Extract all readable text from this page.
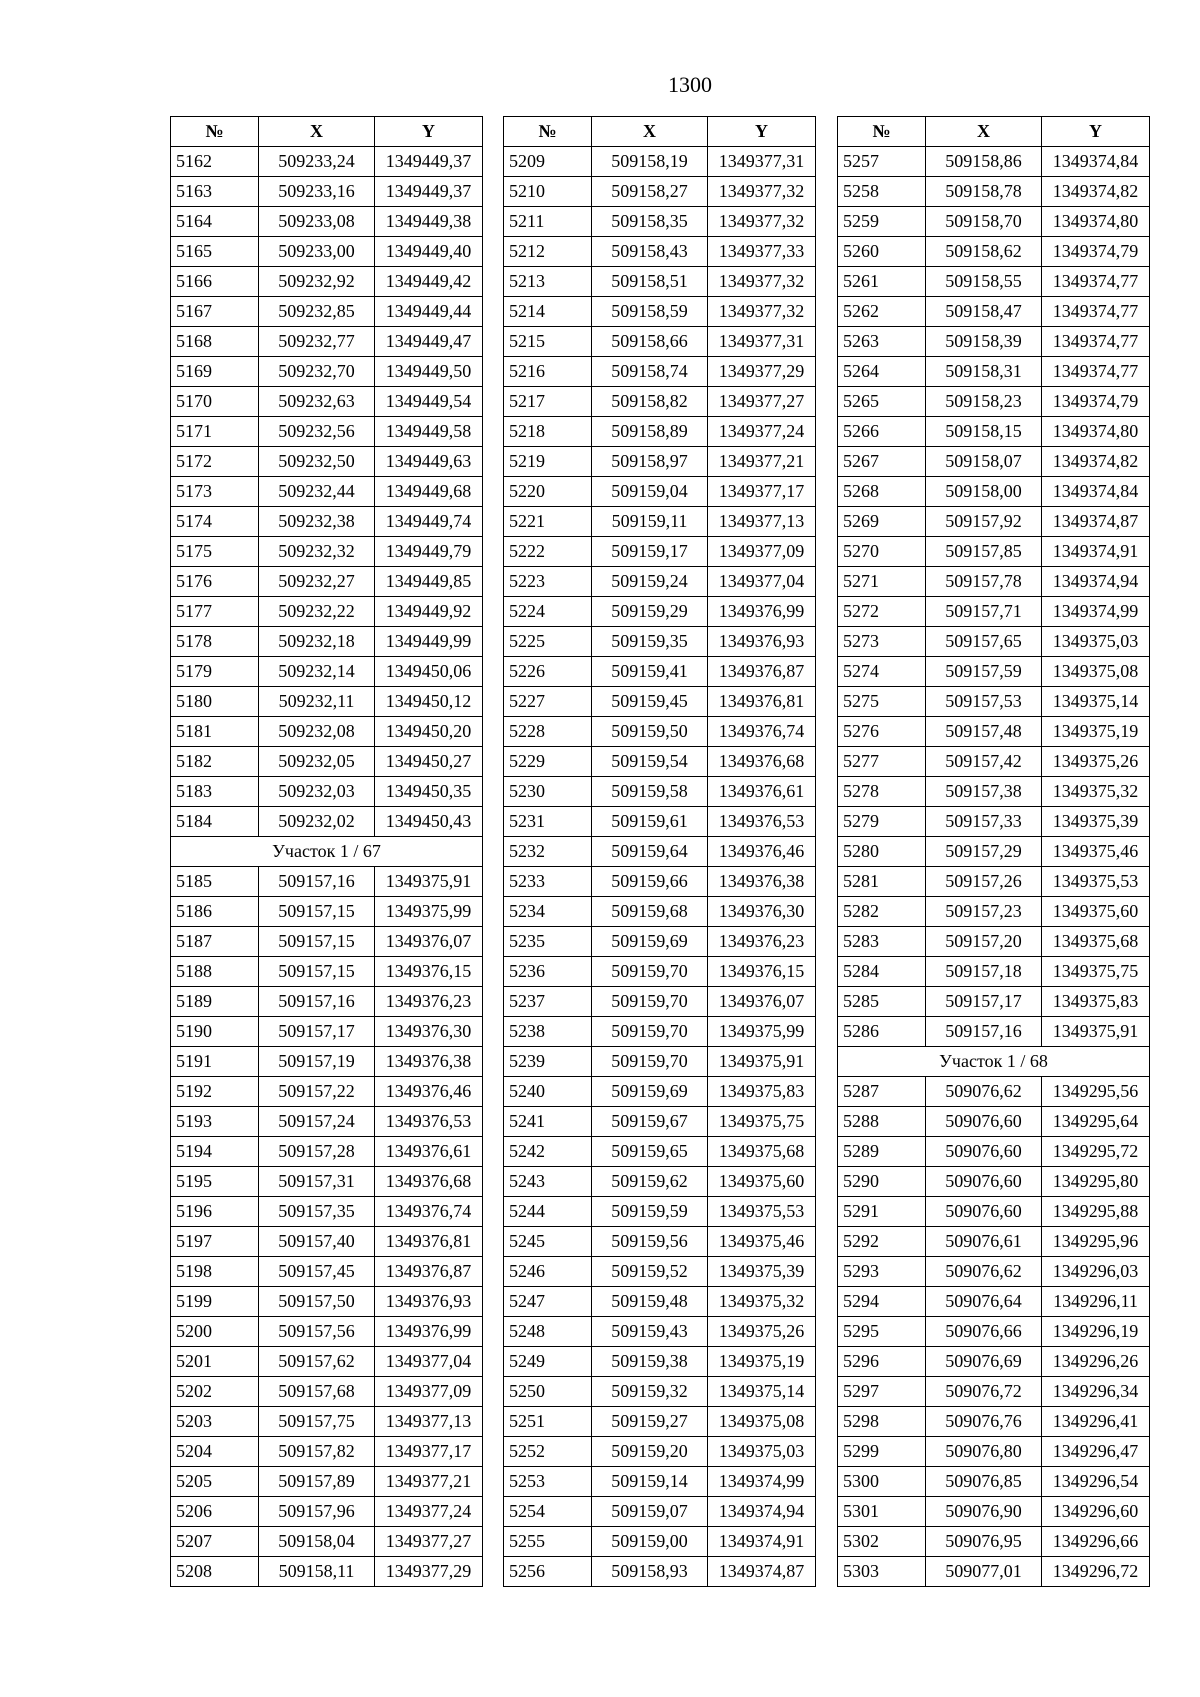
1300
№	X	Y
5162	509233,24	1349449,37
5163	509233,16	1349449,37
5164	509233,08	1349449,38
5165	509233,00	1349449,40
5166	509232,92	1349449,42
5167	509232,85	1349449,44
5168	509232,77	1349449,47
5169	509232,70	1349449,50
5170	509232,63	1349449,54
5171	509232,56	1349449,58
5172	509232,50	1349449,63
5173	509232,44	1349449,68
5174	509232,38	1349449,74
5175	509232,32	1349449,79
5176	509232,27	1349449,85
5177	509232,22	1349449,92
5178	509232,18	1349449,99
5179	509232,14	1349450,06
5180	509232,11	1349450,12
5181	509232,08	1349450,20
5182	509232,05	1349450,27
5183	509232,03	1349450,35
5184	509232,02	1349450,43
Участок 1 / 67		
5185	509157,16	1349375,91
5186	509157,15	1349375,99
5187	509157,15	1349376,07
5188	509157,15	1349376,15
5189	509157,16	1349376,23
5190	509157,17	1349376,30
5191	509157,19	1349376,38
5192	509157,22	1349376,46
5193	509157,24	1349376,53
5194	509157,28	1349376,61
5195	509157,31	1349376,68
5196	509157,35	1349376,74
5197	509157,40	1349376,81
5198	509157,45	1349376,87
5199	509157,50	1349376,93
5200	509157,56	1349376,99
5201	509157,62	1349377,04
5202	509157,68	1349377,09
5203	509157,75	1349377,13
5204	509157,82	1349377,17
5205	509157,89	1349377,21
5206	509157,96	1349377,24
5207	509158,04	1349377,27
5208	509158,11	1349377,29
№	X	Y
5209	509158,19	1349377,31
5210	509158,27	1349377,32
5211	509158,35	1349377,32
5212	509158,43	1349377,33
5213	509158,51	1349377,32
5214	509158,59	1349377,32
5215	509158,66	1349377,31
5216	509158,74	1349377,29
5217	509158,82	1349377,27
5218	509158,89	1349377,24
5219	509158,97	1349377,21
5220	509159,04	1349377,17
5221	509159,11	1349377,13
5222	509159,17	1349377,09
5223	509159,24	1349377,04
5224	509159,29	1349376,99
5225	509159,35	1349376,93
5226	509159,41	1349376,87
5227	509159,45	1349376,81
5228	509159,50	1349376,74
5229	509159,54	1349376,68
5230	509159,58	1349376,61
5231	509159,61	1349376,53
5232	509159,64	1349376,46
5233	509159,66	1349376,38
5234	509159,68	1349376,30
5235	509159,69	1349376,23
5236	509159,70	1349376,15
5237	509159,70	1349376,07
5238	509159,70	1349375,99
5239	509159,70	1349375,91
5240	509159,69	1349375,83
5241	509159,67	1349375,75
5242	509159,65	1349375,68
5243	509159,62	1349375,60
5244	509159,59	1349375,53
5245	509159,56	1349375,46
5246	509159,52	1349375,39
5247	509159,48	1349375,32
5248	509159,43	1349375,26
5249	509159,38	1349375,19
5250	509159,32	1349375,14
5251	509159,27	1349375,08
5252	509159,20	1349375,03
5253	509159,14	1349374,99
5254	509159,07	1349374,94
5255	509159,00	1349374,91
5256	509158,93	1349374,87
№	X	Y
5257	509158,86	1349374,84
5258	509158,78	1349374,82
5259	509158,70	1349374,80
5260	509158,62	1349374,79
5261	509158,55	1349374,77
5262	509158,47	1349374,77
5263	509158,39	1349374,77
5264	509158,31	1349374,77
5265	509158,23	1349374,79
5266	509158,15	1349374,80
5267	509158,07	1349374,82
5268	509158,00	1349374,84
5269	509157,92	1349374,87
5270	509157,85	1349374,91
5271	509157,78	1349374,94
5272	509157,71	1349374,99
5273	509157,65	1349375,03
5274	509157,59	1349375,08
5275	509157,53	1349375,14
5276	509157,48	1349375,19
5277	509157,42	1349375,26
5278	509157,38	1349375,32
5279	509157,33	1349375,39
5280	509157,29	1349375,46
5281	509157,26	1349375,53
5282	509157,23	1349375,60
5283	509157,20	1349375,68
5284	509157,18	1349375,75
5285	509157,17	1349375,83
5286	509157,16	1349375,91
Участок 1 / 68		
5287	509076,62	1349295,56
5288	509076,60	1349295,64
5289	509076,60	1349295,72
5290	509076,60	1349295,80
5291	509076,60	1349295,88
5292	509076,61	1349295,96
5293	509076,62	1349296,03
5294	509076,64	1349296,11
5295	509076,66	1349296,19
5296	509076,69	1349296,26
5297	509076,72	1349296,34
5298	509076,76	1349296,41
5299	509076,80	1349296,47
5300	509076,85	1349296,54
5301	509076,90	1349296,60
5302	509076,95	1349296,66
5303	509077,01	1349296,72
